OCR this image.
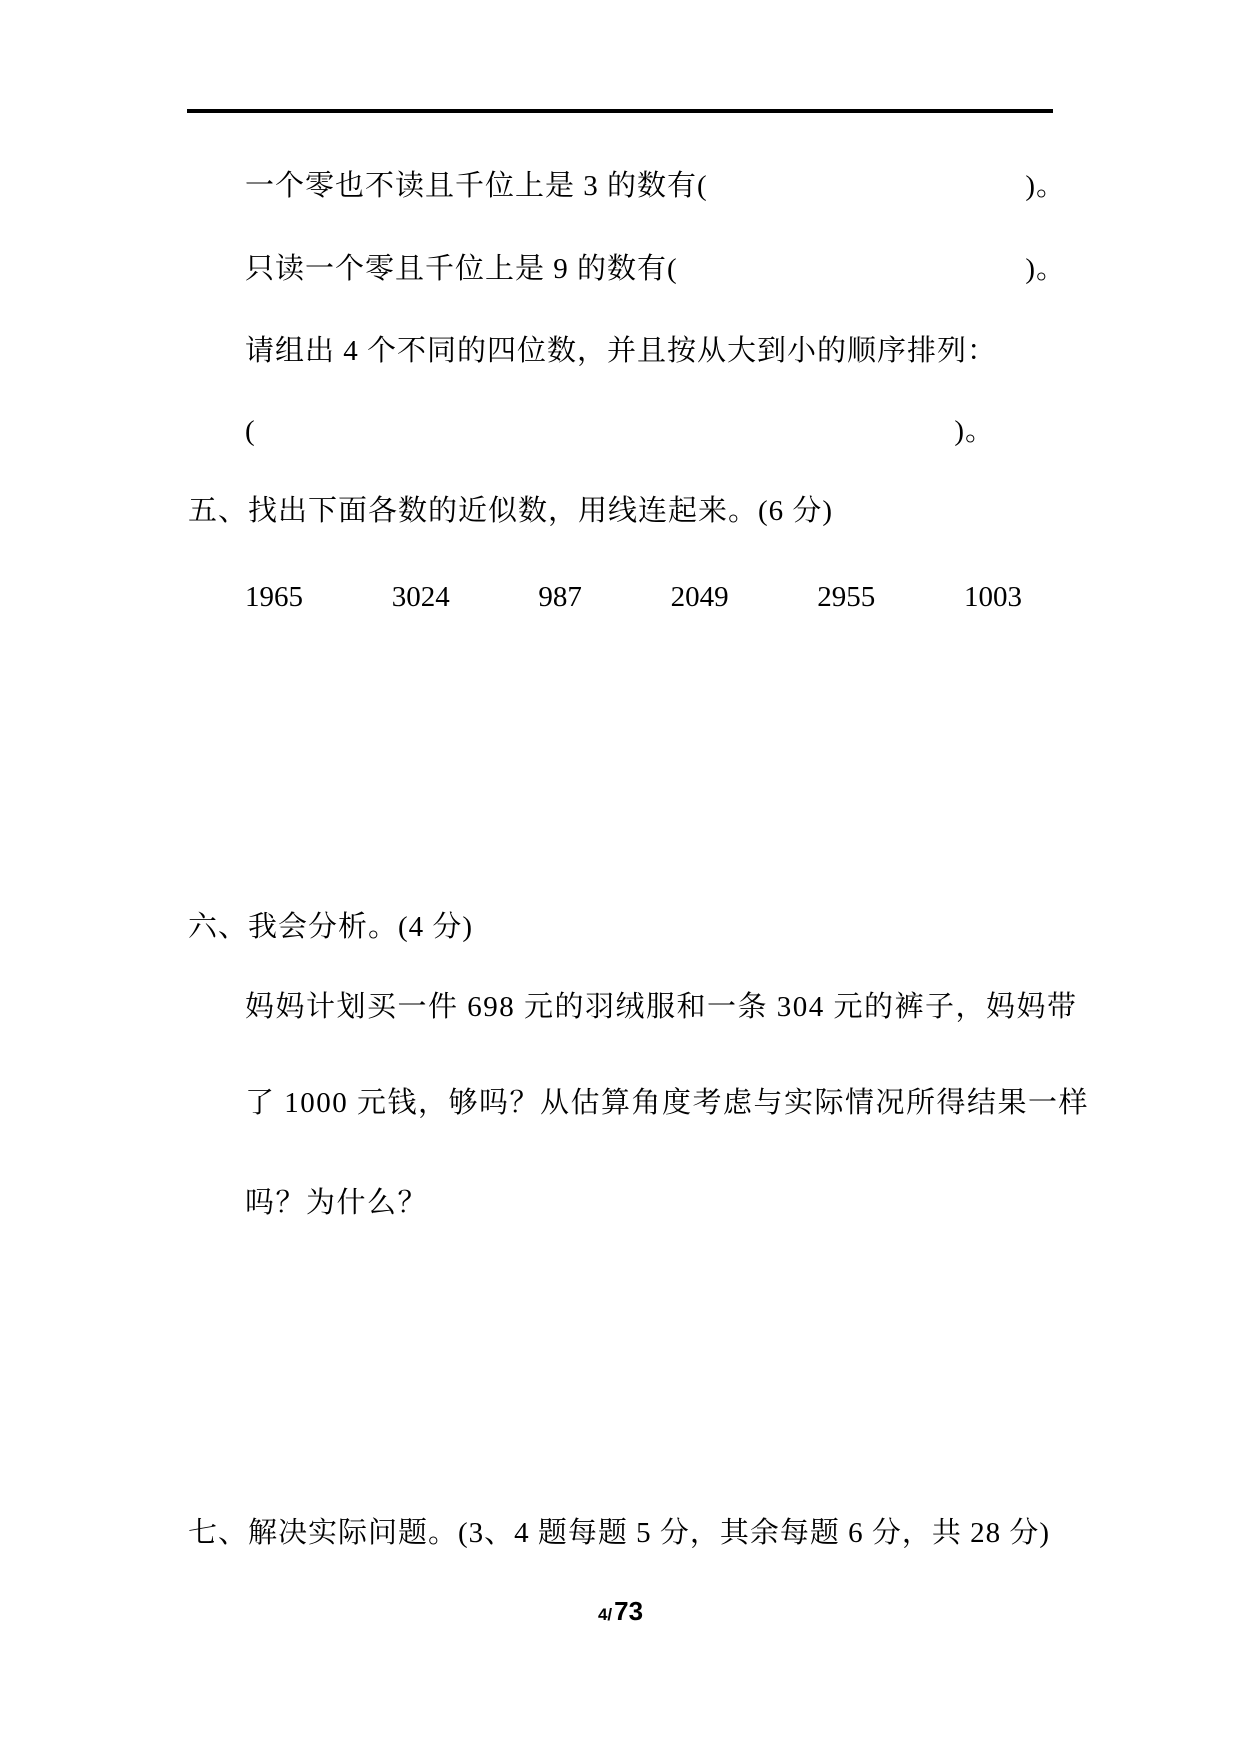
一个零也不读且千位上是 3 的数有(	)。
只读一个零且千位上是 9 的数有(	)。
请组出 4 个不同的四位数，并且按从大到小的顺序排列：
(	)。
五、找出下面各数的近似数，用线连起来。(6 分)
1965	3024	987	2049	2955	1003
六、我会分析。(4 分)
妈妈计划买一件 698 元的羽绒服和一条 304 元的裤子，妈妈带
了 1000 元钱，够吗？从估算角度考虑与实际情况所得结果一样
吗？为什么？
七、解决实际问题。(3、4 题每题 5 分，其余每题 6 分，共 28 分)
4/ 73
